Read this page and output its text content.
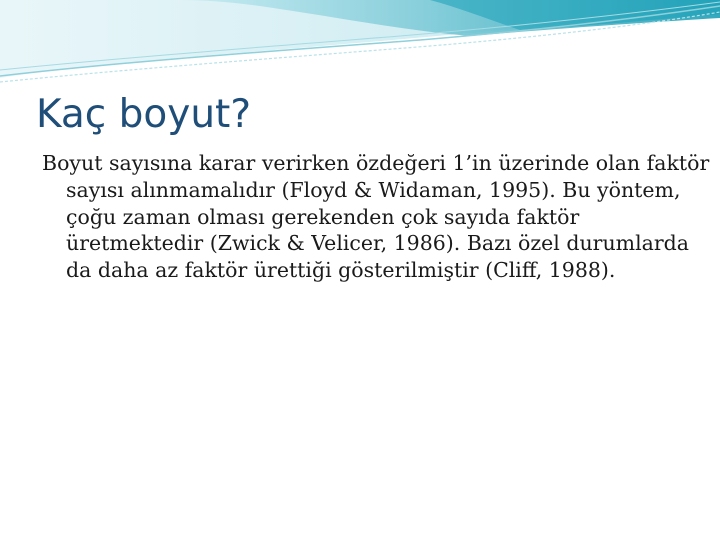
Kaç boyut?

Boyut sayısına karar verirken özdeğeri 1’in üzerinde olan faktör sayısı alınmamalıdır (Floyd & Widaman, 1995). Bu yöntem, çoğu zaman olması gerekenden çok sayıda faktör üretmektedir (Zwick & Velicer, 1986). Bazı özel durumlarda da daha az faktör ürettiği gösterilmiştir (Cliff, 1988).
